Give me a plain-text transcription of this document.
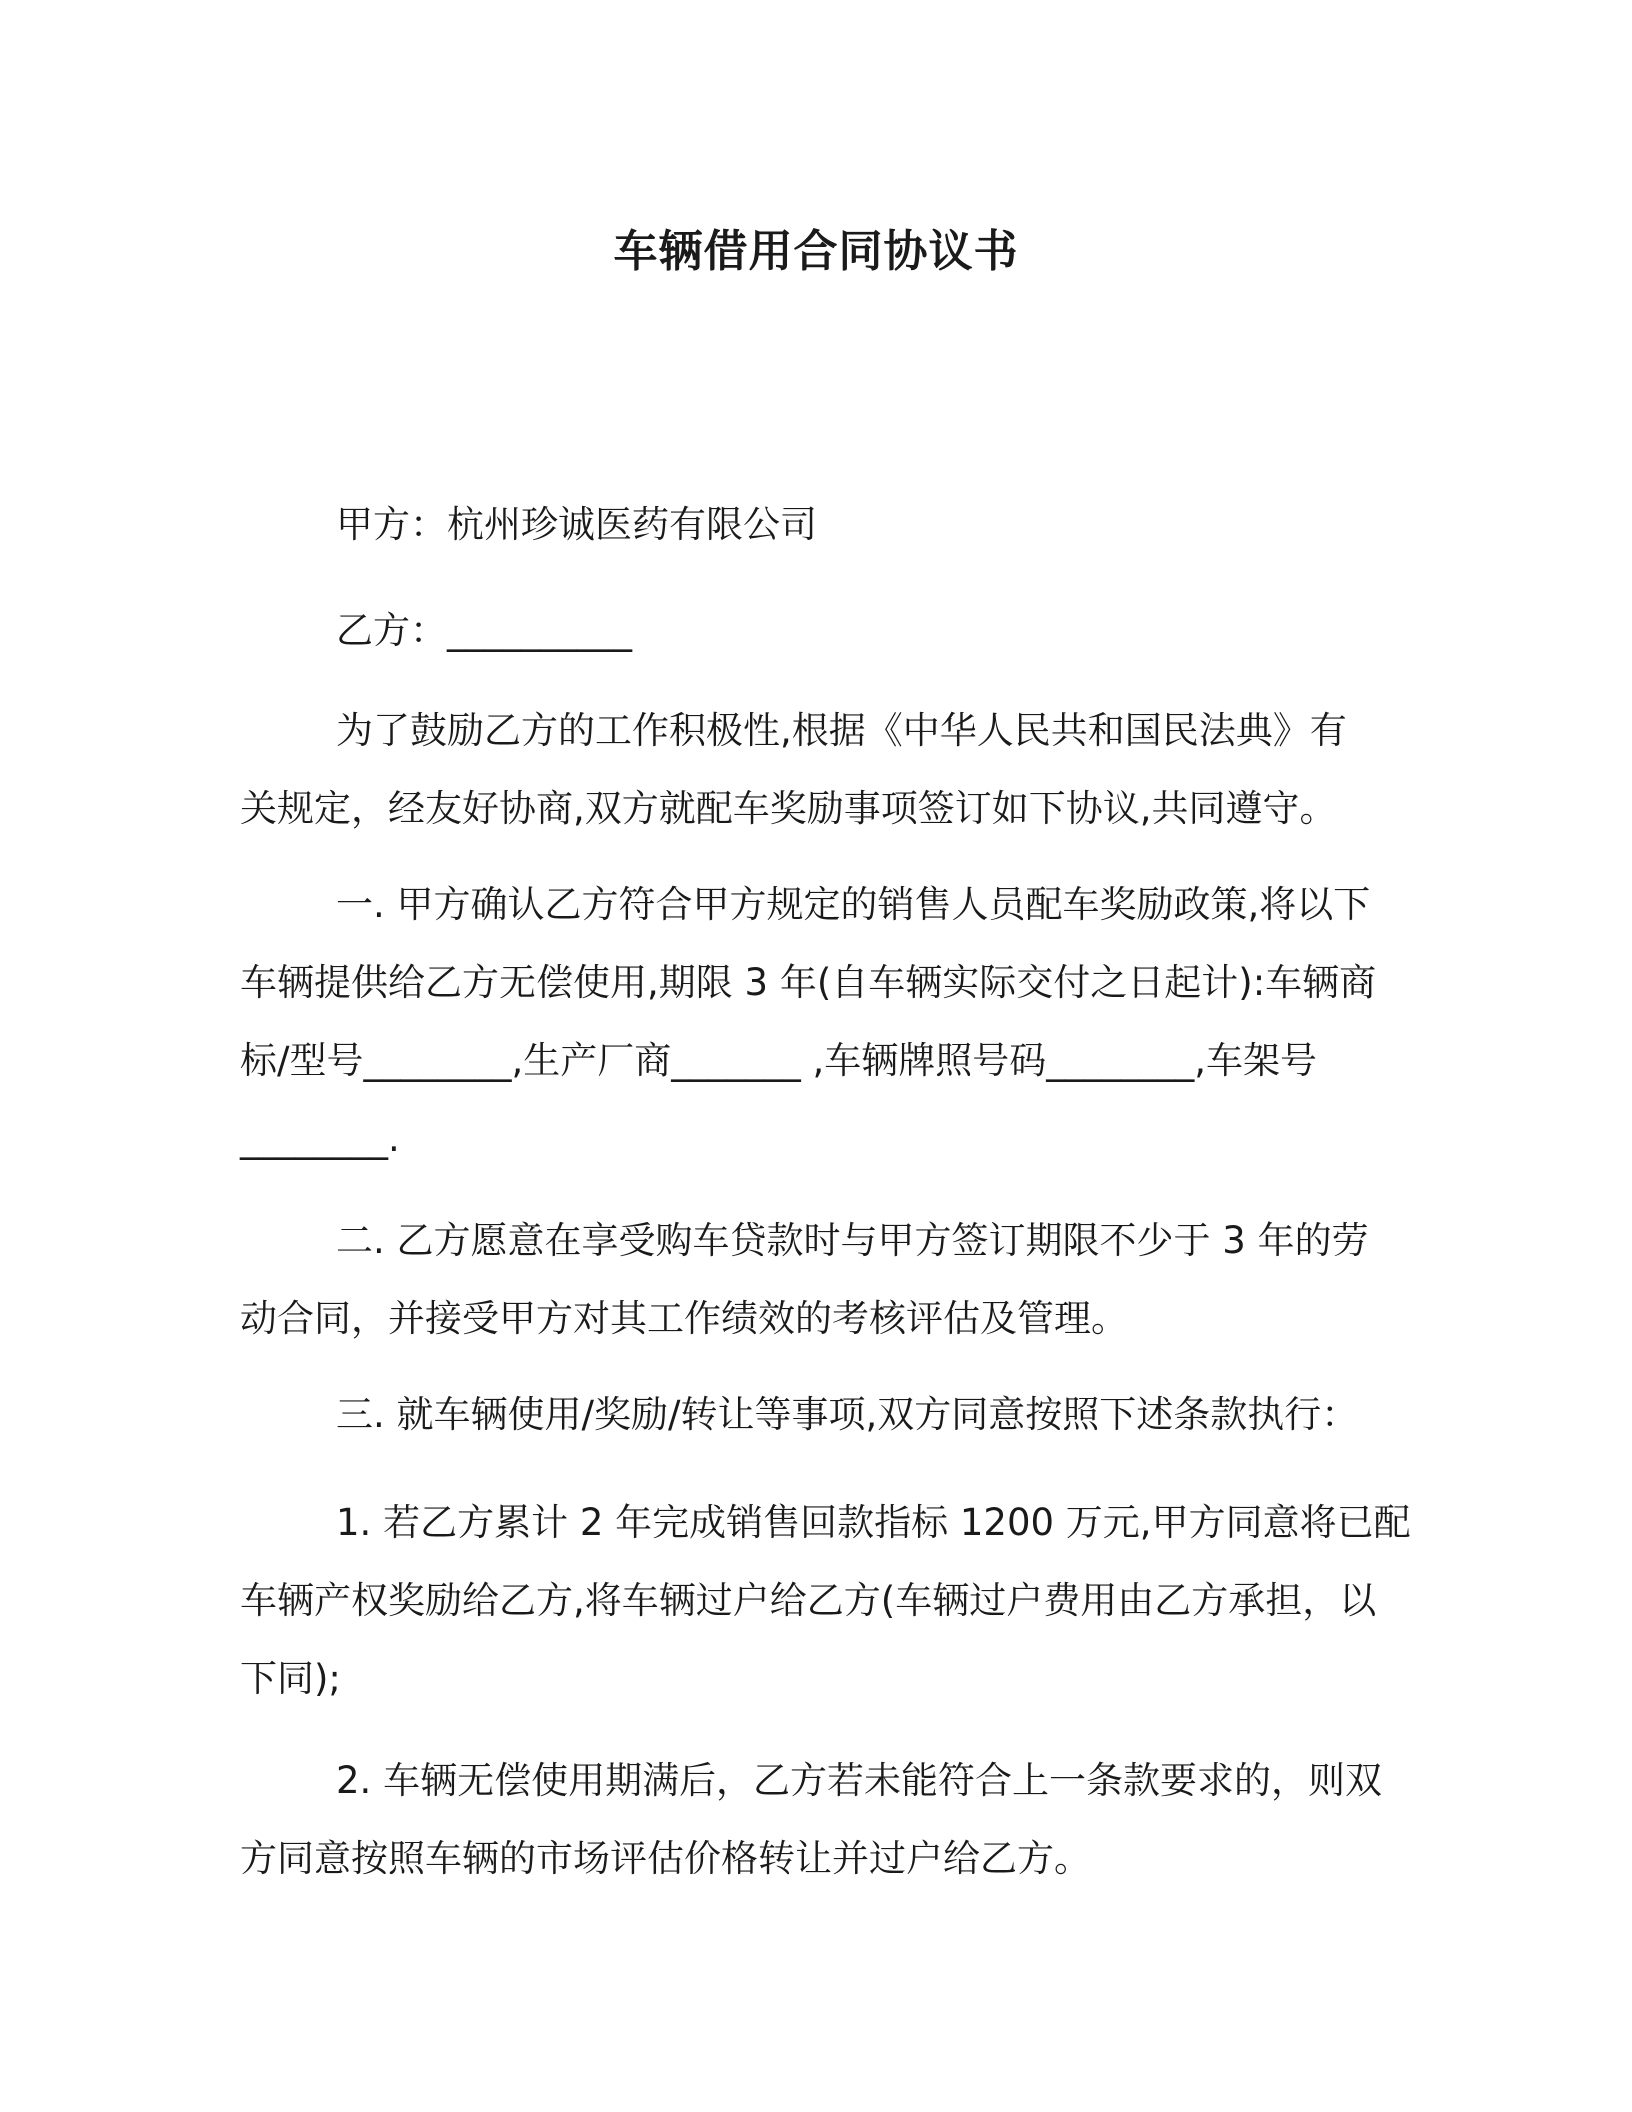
车辆借用合同协议书

甲方：杭州珍诚医药有限公司

乙方：__________

为了鼓励乙方的工作积极性,根据《中华人民共和国民法典》有

关规定，经友好协商,双方就配车奖励事项签订如下协议,共同遵守。

一. 甲方确认乙方符合甲方规定的销售人员配车奖励政策,将以下

车辆提供给乙方无偿使用,期限 3 年(自车辆实际交付之日起计):车辆商

标/型号________,生产厂商_______ ,车辆牌照号码________,车架号

________.

二. 乙方愿意在享受购车贷款时与甲方签订期限不少于 3 年的劳

动合同，并接受甲方对其工作绩效的考核评估及管理。

三. 就车辆使用/奖励/转让等事项,双方同意按照下述条款执行：

1. 若乙方累计 2 年完成销售回款指标 1200 万元,甲方同意将已配

车辆产权奖励给乙方,将车辆过户给乙方(车辆过户费用由乙方承担，以

下同);

2. 车辆无偿使用期满后，乙方若未能符合上一条款要求的，则双

方同意按照车辆的市场评估价格转让并过户给乙方。
